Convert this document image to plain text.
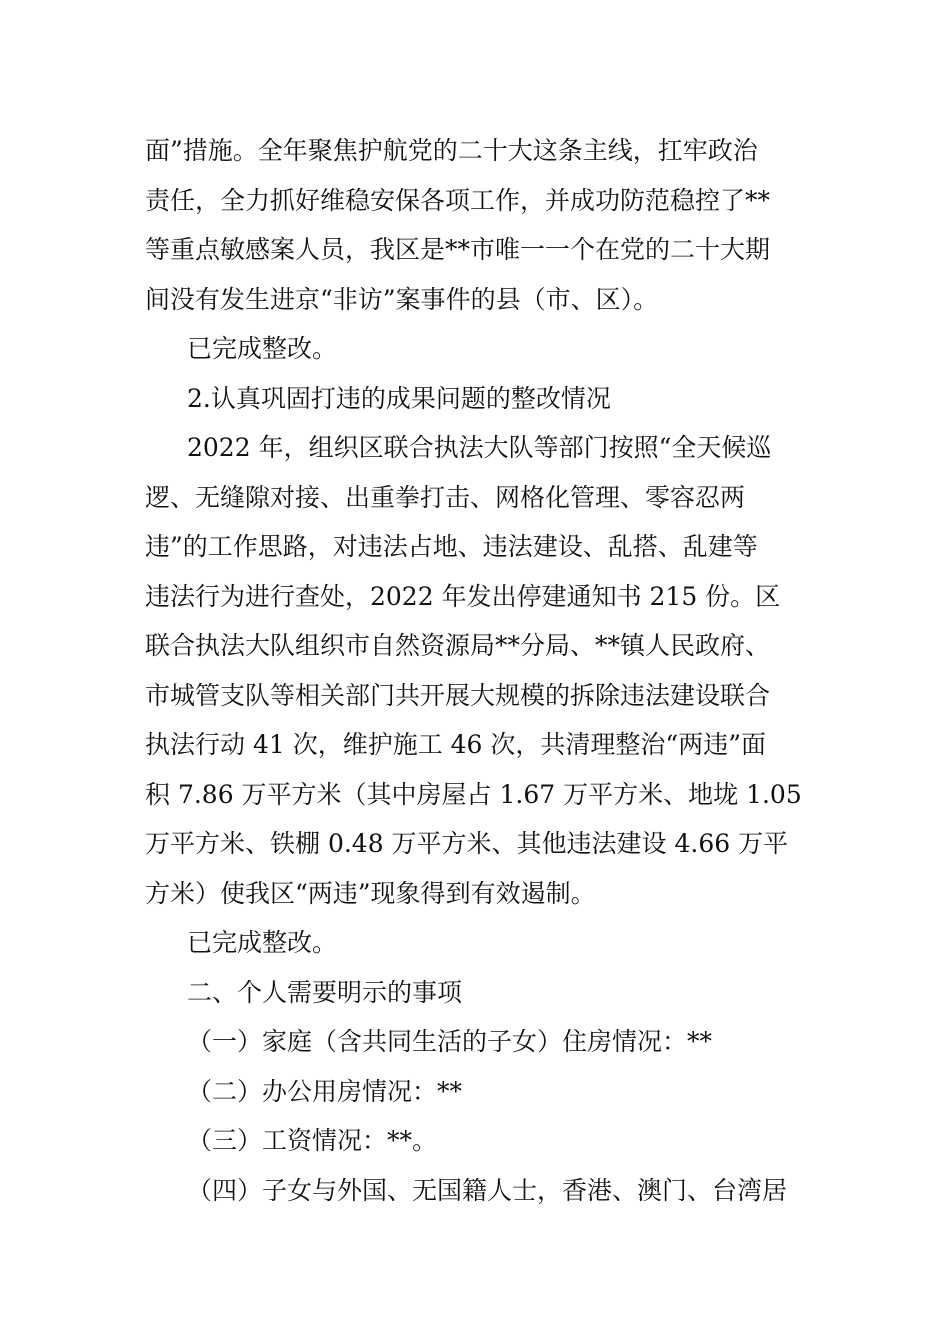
面”措施。全年聚焦护航党的二十大这条主线，扛牢政治
责任，全力抓好维稳安保各项工作，并成功防范稳控了**
等重点敏感案人员，我区是**市唯一一个在党的二十大期
间没有发生进京“非访”案事件的县（市、区）。
已完成整改。
2.认真巩固打违的成果问题的整改情况
2022 年，组织区联合执法大队等部门按照“全天候巡
逻、无缝隙对接、出重拳打击、网格化管理、零容忍两
违”的工作思路，对违法占地、违法建设、乱搭、乱建等
违法行为进行查处，2022 年发出停建通知书 215 份。区
联合执法大队组织市自然资源局**分局、**镇人民政府、
市城管支队等相关部门共开展大规模的拆除违法建设联合
执法行动 41 次，维护施工 46 次，共清理整治“两违”面
积 7.86 万平方米（其中房屋占 1.67 万平方米、地垅 1.05
万平方米、铁棚 0.48 万平方米、其他违法建设 4.66 万平
方米）使我区“两违”现象得到有效遏制。
已完成整改。
二、个人需要明示的事项
（一）家庭（含共同生活的子女）住房情况：**
（二）办公用房情况：**
（三）工资情况：**。
（四）子女与外国、无国籍人士，香港、澳门、台湾居
